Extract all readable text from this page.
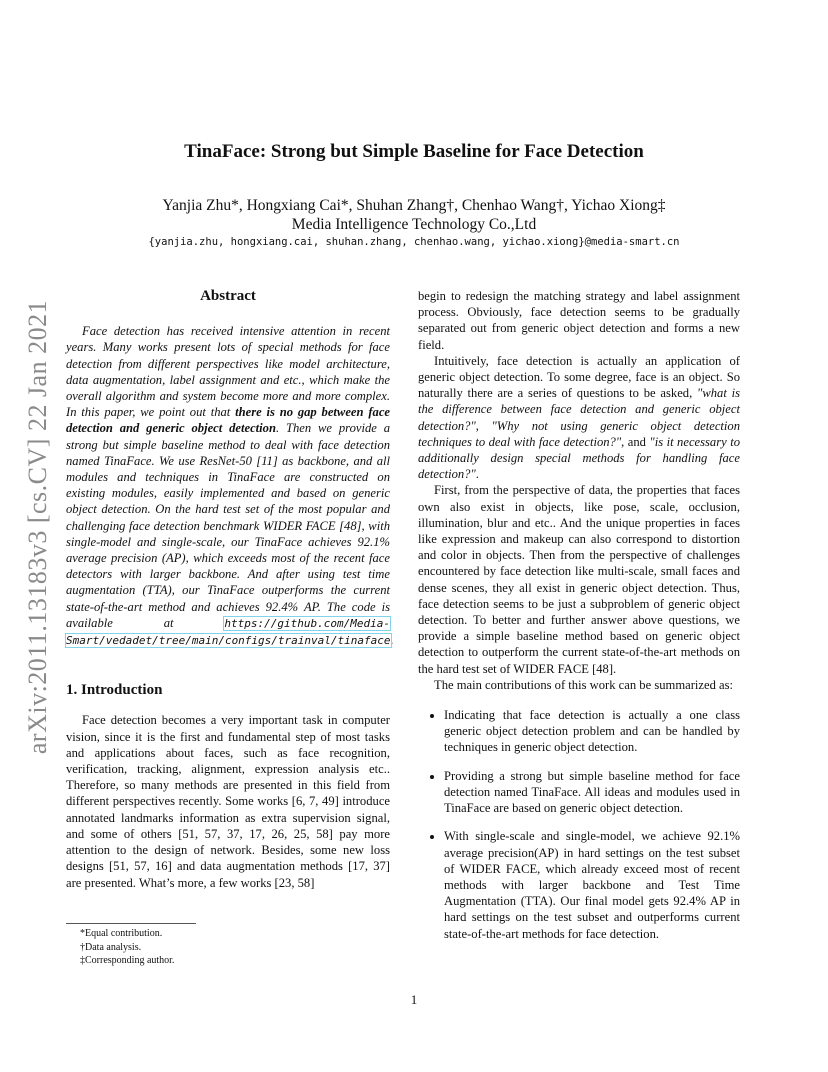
arXiv:2011.13183v3 [cs.CV] 22 Jan 2021
TinaFace: Strong but Simple Baseline for Face Detection
Yanjia Zhu*, Hongxiang Cai*, Shuhan Zhang†, Chenhao Wang†, Yichao Xiong‡
Media Intelligence Technology Co.,Ltd
{yanjia.zhu, hongxiang.cai, shuhan.zhang, chenhao.wang, yichao.xiong}@media-smart.cn

Abstract

Face detection has received intensive attention in recent years. Many works present lots of special methods for face detection from different perspectives like model architecture, data augmentation, label assignment and etc., which make the overall algorithm and system become more and more complex. In this paper, we point out that there is no gap between face detection and generic object detection. Then we provide a strong but simple baseline method to deal with face detection named TinaFace. We use ResNet-50 [11] as backbone, and all modules and techniques in TinaFace are constructed on existing modules, easily implemented and based on generic object detection. On the hard test set of the most popular and challenging face detection benchmark WIDER FACE [48], with single-model and single-scale, our TinaFace achieves 92.1% average precision (AP), which exceeds most of the recent face detectors with larger backbone. And after using test time augmentation (TTA), our TinaFace outperforms the current state-of-the-art method and achieves 92.4% AP. The code is available at https://github.com/Media-Smart/vedadet/tree/main/configs/trainval/tinaface.

1. Introduction

Face detection becomes a very important task in computer vision, since it is the first and fundamental step of most tasks and applications about faces, such as face recognition, verification, tracking, alignment, expression analysis etc.. Therefore, so many methods are presented in this field from different perspectives recently. Some works [6, 7, 49] introduce annotated landmarks information as extra supervision signal, and some of others [51, 57, 37, 17, 26, 25, 58] pay more attention to the design of network. Besides, some new loss designs [51, 57, 16] and data augmentation methods [17, 37] are presented. What’s more, a few works [23, 58]

*Equal contribution.
†Data analysis.
‡Corresponding author.

begin to redesign the matching strategy and label assignment process. Obviously, face detection seems to be gradually separated out from generic object detection and forms a new field.

Intuitively, face detection is actually an application of generic object detection. To some degree, face is an object. So naturally there are a series of questions to be asked, "what is the difference between face detection and generic object detection?", "Why not using generic object detection techniques to deal with face detection?", and "is it necessary to additionally design special methods for handling face detection?".

First, from the perspective of data, the properties that faces own also exist in objects, like pose, scale, occlusion, illumination, blur and etc.. And the unique properties in faces like expression and makeup can also correspond to distortion and color in objects. Then from the perspective of challenges encountered by face detection like multi-scale, small faces and dense scenes, they all exist in generic object detection. Thus, face detection seems to be just a subproblem of generic object detection. To better and further answer above questions, we provide a simple baseline method based on generic object detection to outperform the current state-of-the-art methods on the hard test set of WIDER FACE [48].

The main contributions of this work can be summarized as:

• Indicating that face detection is actually a one class generic object detection problem and can be handled by techniques in generic object detection.
• Providing a strong but simple baseline method for face detection named TinaFace. All ideas and modules used in TinaFace are based on generic object detection.
• With single-scale and single-model, we achieve 92.1% average precision(AP) in hard settings on the test subset of WIDER FACE, which already exceed most of recent methods with larger backbone and Test Time Augmentation (TTA). Our final model gets 92.4% AP in hard settings on the test subset and outperforms current state-of-the-art methods for face detection.
1
